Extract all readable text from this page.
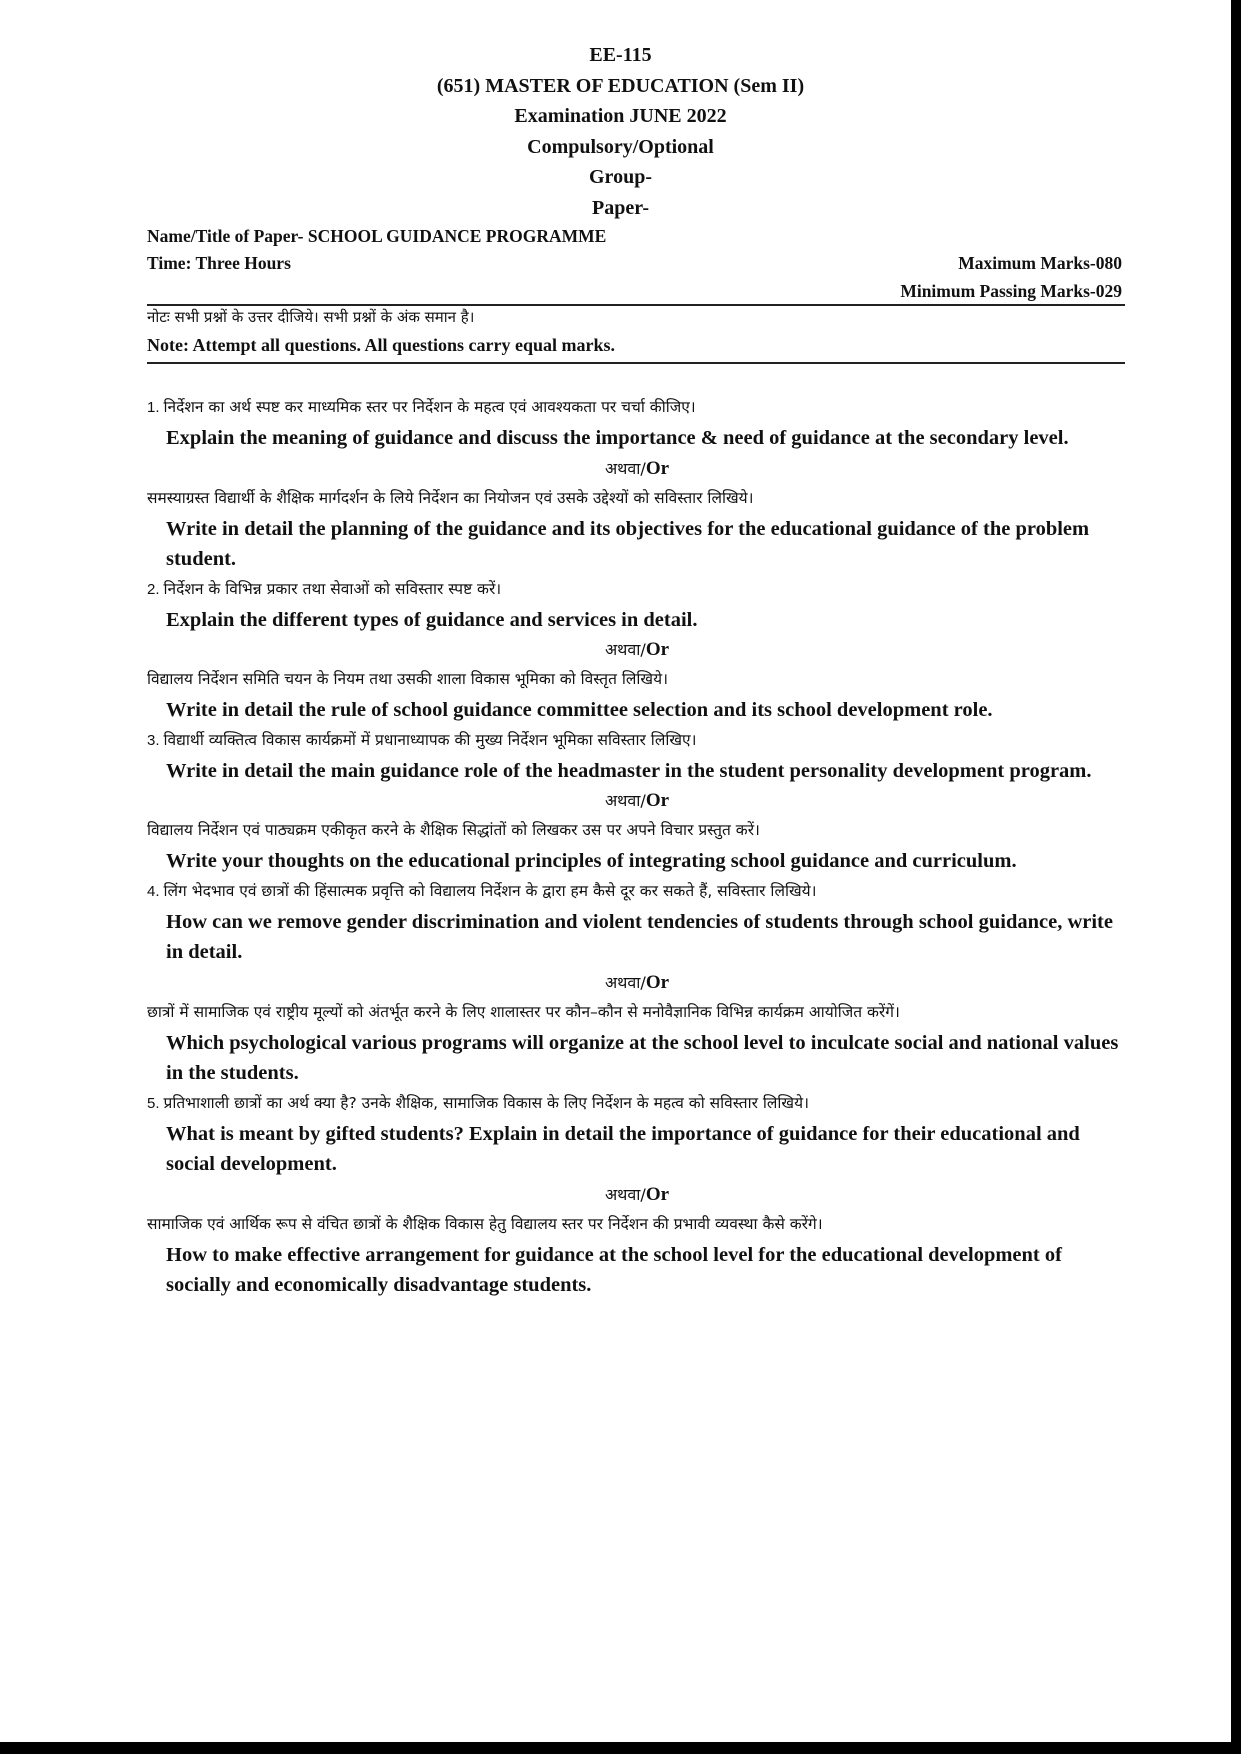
EE-115
(651) MASTER OF EDUCATION (Sem II)
Examination JUNE 2022
Compulsory/Optional
Group-
Paper-
Name/Title of Paper- SCHOOL GUIDANCE PROGRAMME
Time: Three Hours	Maximum Marks-080
Minimum Passing Marks-029
नोटः सभी प्रश्नों के उत्तर दीजिये। सभी प्रश्नों के अंक समान है।
Note: Attempt all questions. All questions carry equal marks.

1. निर्देशन का अर्थ स्पष्ट कर माध्यमिक स्तर पर निर्देशन के महत्व एवं आवश्यकता पर चर्चा कीजिए।

Explain the meaning of guidance and discuss the importance & need of guidance at the secondary level.

अथवा/Or

समस्याग्रस्त विद्यार्थी के शैक्षिक मार्गदर्शन के लिये निर्देशन का नियोजन एवं उसके उद्देश्यों को सविस्तार लिखिये।

Write in detail the planning of the guidance and its objectives for the educational guidance of the problem student.

2. निर्देशन के विभिन्न प्रकार तथा सेवाओं को सविस्तार स्पष्ट करें।

Explain the different types of guidance and services in detail.

अथवा/Or

विद्यालय निर्देशन समिति चयन के नियम तथा उसकी शाला विकास भूमिका को विस्तृत लिखिये।

Write in detail the rule of school guidance committee selection and its school development role.

3. विद्यार्थी व्यक्तित्व विकास कार्यक्रमों में प्रधानाध्यापक की मुख्य निर्देशन भूमिका सविस्तार लिखिए।

Write in detail the main guidance role of the headmaster in the student personality development program.

अथवा/Or

विद्यालय निर्देशन एवं पाठ्यक्रम एकीकृत करने के शैक्षिक सिद्धांतों को लिखकर उस पर अपने विचार प्रस्तुत करें।

Write your thoughts on the educational principles of integrating school guidance and curriculum.

4. लिंग भेदभाव एवं छात्रों की हिंसात्मक प्रवृत्ति को विद्यालय निर्देशन के द्वारा हम कैसे दूर कर सकते हैं, सविस्तार लिखिये।

How can we remove gender discrimination and violent tendencies of students through school guidance, write in detail.

अथवा/Or

छात्रों में सामाजिक एवं राष्ट्रीय मूल्यों को अंतर्भूत करने के लिए शालास्तर पर कौन–कौन से मनोवैज्ञानिक विभिन्न कार्यक्रम आयोजित करेंगें।

Which psychological various programs will organize at the school level to inculcate social and national values in the students.

5. प्रतिभाशाली छात्रों का अर्थ क्या है? उनके शैक्षिक, सामाजिक विकास के लिए निर्देशन के महत्व को सविस्तार लिखिये।

What is meant by gifted students? Explain in detail the importance of guidance for their educational and social development.

अथवा/Or

सामाजिक एवं आर्थिक रूप से वंचित छात्रों के शैक्षिक विकास हेतु विद्यालय स्तर पर निर्देशन की प्रभावी व्यवस्था कैसे करेंगे।

How to make effective arrangement for guidance at the school level for the educational development of socially and economically disadvantage students.
